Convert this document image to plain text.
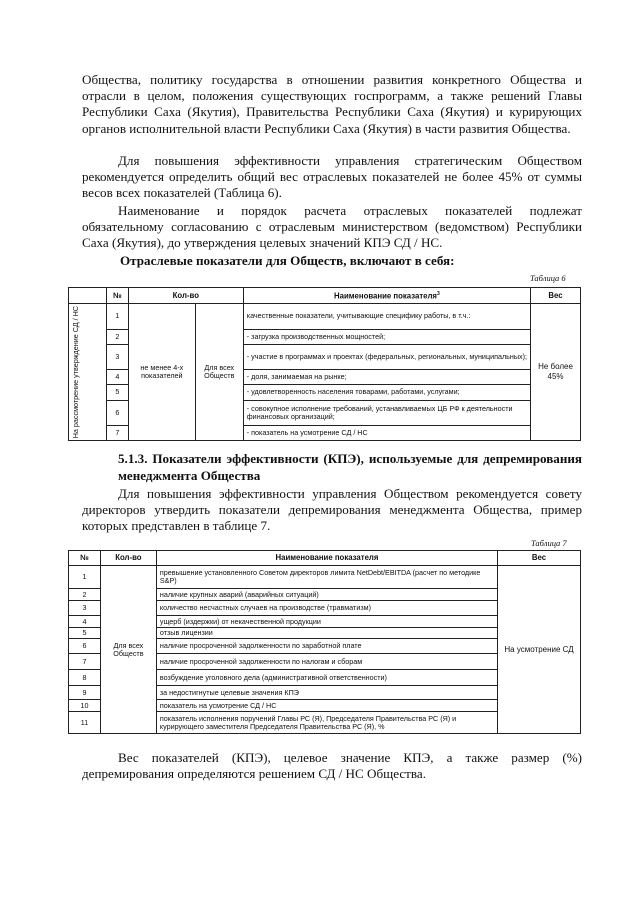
Общества, политику государства в отношении развития конкретного Общества и отрасли в целом, положения существующих госпрограмм, а также решений Главы Республики Саха (Якутия), Правительства Республики Саха (Якутия) и курирующих органов исполнительной власти Республики Саха (Якутия) в части развития Общества.

Для повышения эффективности управления стратегическим Обществом рекомендуется определить общий вес отраслевых показателей не более 45% от суммы весов всех показателей (Таблица 6).

Наименование и порядок расчета отраслевых показателей подлежат обязательному согласованию с отраслевым министерством (ведомством) Республики Саха (Якутия), до утверждения целевых значений КПЭ СД / НС.

Отраслевые показатели для Обществ, включают в себя:

Таблица 6
	№	Кол-во		Наименование показателя$^3$	Вес

На рассмотрение утверждение СД / НС	1	не менее 4-х показателей	Для всех Обществ	качественные показатели, учитывающие специфику работы, в т.ч.:	Не более 45%
	2			- загрузка производственных мощностей;	
	3			- участие в программах и проектах (федеральных, региональных, муниципальных);	
	4			- доля, занимаемая на рынке;	
	5			- удовлетворенность населения товарами, работами, услугами;	
	6			- совокупное исполнение требований, устанавливаемых ЦБ РФ к деятельности финансовых организаций;	
	7			- показатель на усмотрение СД / НС	

5.1.3. Показатели эффективности (КПЭ), используемые для депремирования менеджмента Общества

Для повышения эффективности управления Обществом рекомендуется совету директоров утвердить показатели депремирования менеджмента Общества, пример которых представлен в таблице 7.

Таблица 7
№	Кол-во	Наименование показателя	Вес
1	Для всех Обществ	превышение установленного Советом директоров лимита NetDebt/EBITDA (расчет по методике S&P)	На усмотрение СД
2		наличие крупных аварий (аварийных ситуаций)	
3		количество несчастных случаев на производстве (травматизм)	
4		ущерб (издержки) от некачественной продукции	
5		отзыв лицензии	
6		наличие просроченной задолженности по заработной плате	
7		наличие просроченной задолженности по налогам и сборам	
8		возбуждение уголовного дела (административной ответственности)	
9		за недостигнутые целевые значения КПЭ	
10		показатель на усмотрение СД / НС	
11		показатель исполнения поручений Главы РС (Я), Председателя Правительства РС (Я) и курирующего заместителя Председателя Правительства РС (Я), %	

Вес показателей (КПЭ), целевое значение КПЭ, а также размер (%) депремирования определяются решением СД / НС Общества.
